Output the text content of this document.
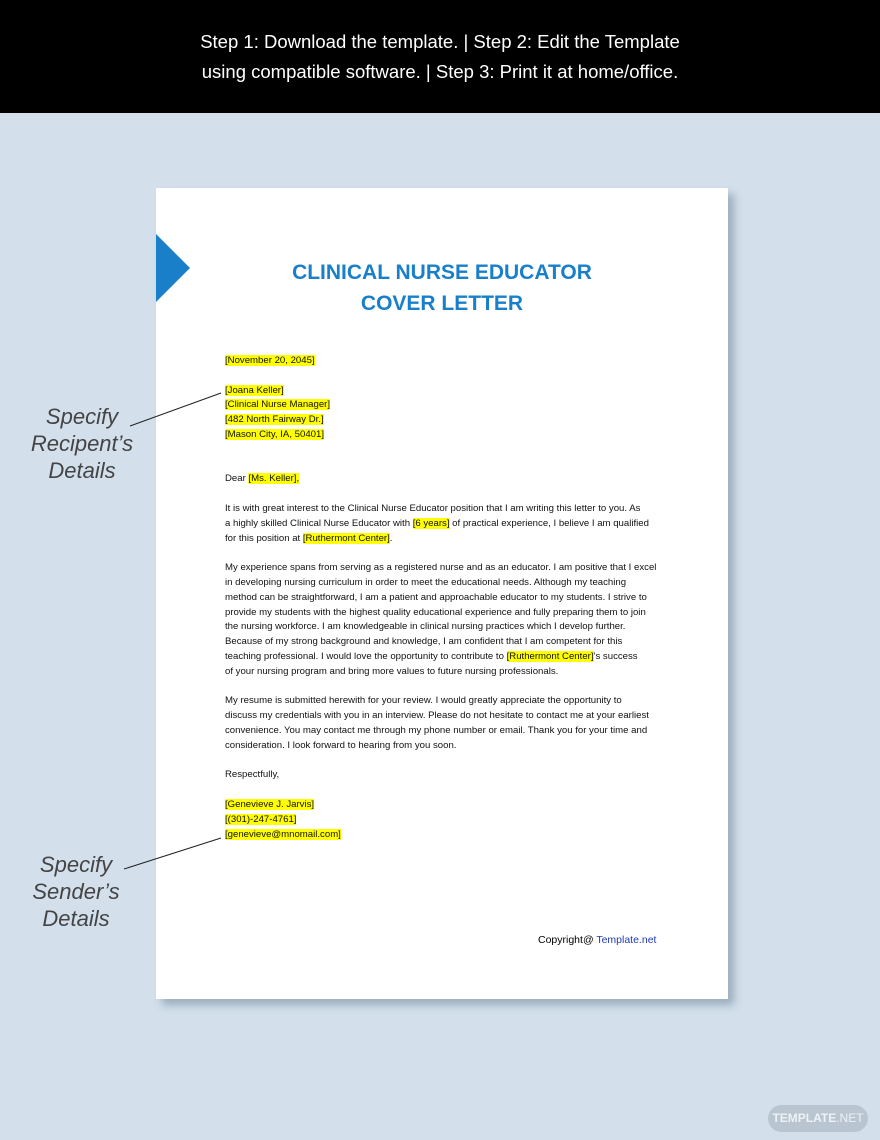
Step 1: Download the template. | Step 2: Edit the Template
using compatible software. | Step 3: Print it at home/office.
CLINICAL NURSE EDUCATOR
COVER LETTER
[November 20, 2045]
[Joana Keller]
[Clinical Nurse Manager]
[482 North Fairway Dr.]
[Mason City, IA, 50401]
Dear [Ms. Keller],
It is with great interest to the Clinical Nurse Educator position that I am writing this letter to you. As
a highly skilled Clinical Nurse Educator with [6 years] of practical experience, I believe I am qualified
for this position at [Ruthermont Center].
My experience spans from serving as a registered nurse and as an educator. I am positive that I excel
in developing nursing curriculum in order to meet the educational needs. Although my teaching
method can be straightforward, I am a patient and approachable educator to my students. I strive to
provide my students with the highest quality educational experience and fully preparing them to join
the nursing workforce. I am knowledgeable in clinical nursing practices which I develop further.
Because of my strong background and knowledge, I am confident that I am competent for this
teaching professional. I would love the opportunity to contribute to [Ruthermont Center]’s success
of your nursing program and bring more values to future nursing professionals.
My resume is submitted herewith for your review. I would greatly appreciate the opportunity to
discuss my credentials with you in an interview. Please do not hesitate to contact me at your earliest
convenience. You may contact me through my phone number or email. Thank you for your time and
consideration. I look forward to hearing from you soon.
Respectfully,
[Genevieve J. Jarvis]
[(301)-247-4761]
[genevieve@mnomail.com]
Copyright@ Template.net
Specify
Recipent’s
Details
Specify
Sender’s
Details
TEMPLATE.NET
